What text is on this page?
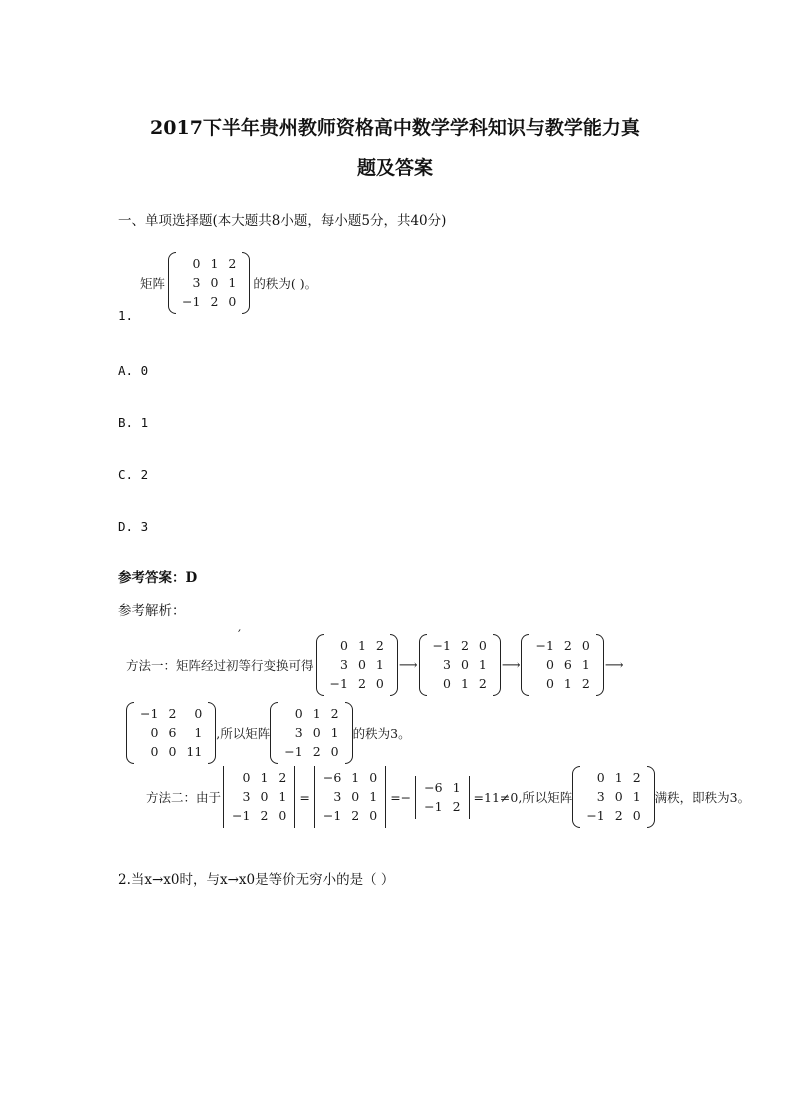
2017下半年贵州教师资格高中数学学科知识与教学能力真
题及答案
一、单项选择题(本大题共8小题，每小题5分，共40分)
矩阵
0 1 2
3 0 1
−1 2 0
的秩为( )。
1.
A. 0
B. 1
C. 2
D. 3
参考答案：D
参考解析：
′
方法一：矩阵经过初等行变换可得
0 1 2
3 0 1
−1 2 0
⟶
−1 2 0
3 0 1
0 1 2
⟶
−1 2 0
0 6 1
0 1 2
⟶
−1 2	0
0 6	1
0 0 11
,所以矩阵
0 1 2
3 0 1
−1 2 0
的秩为3。
方法二：由于
0 1 2
3 0 1
−1 2 0
=
−6 1 0
3 0 1
−1 2 0
=−
−6 1
−1 2
=11≠0,所以矩阵
0 1 2
3 0 1
−1 2 0
满秩，即秩为3。
2.当x→x0时，与x→x0是等价无穷小的是（ ）
